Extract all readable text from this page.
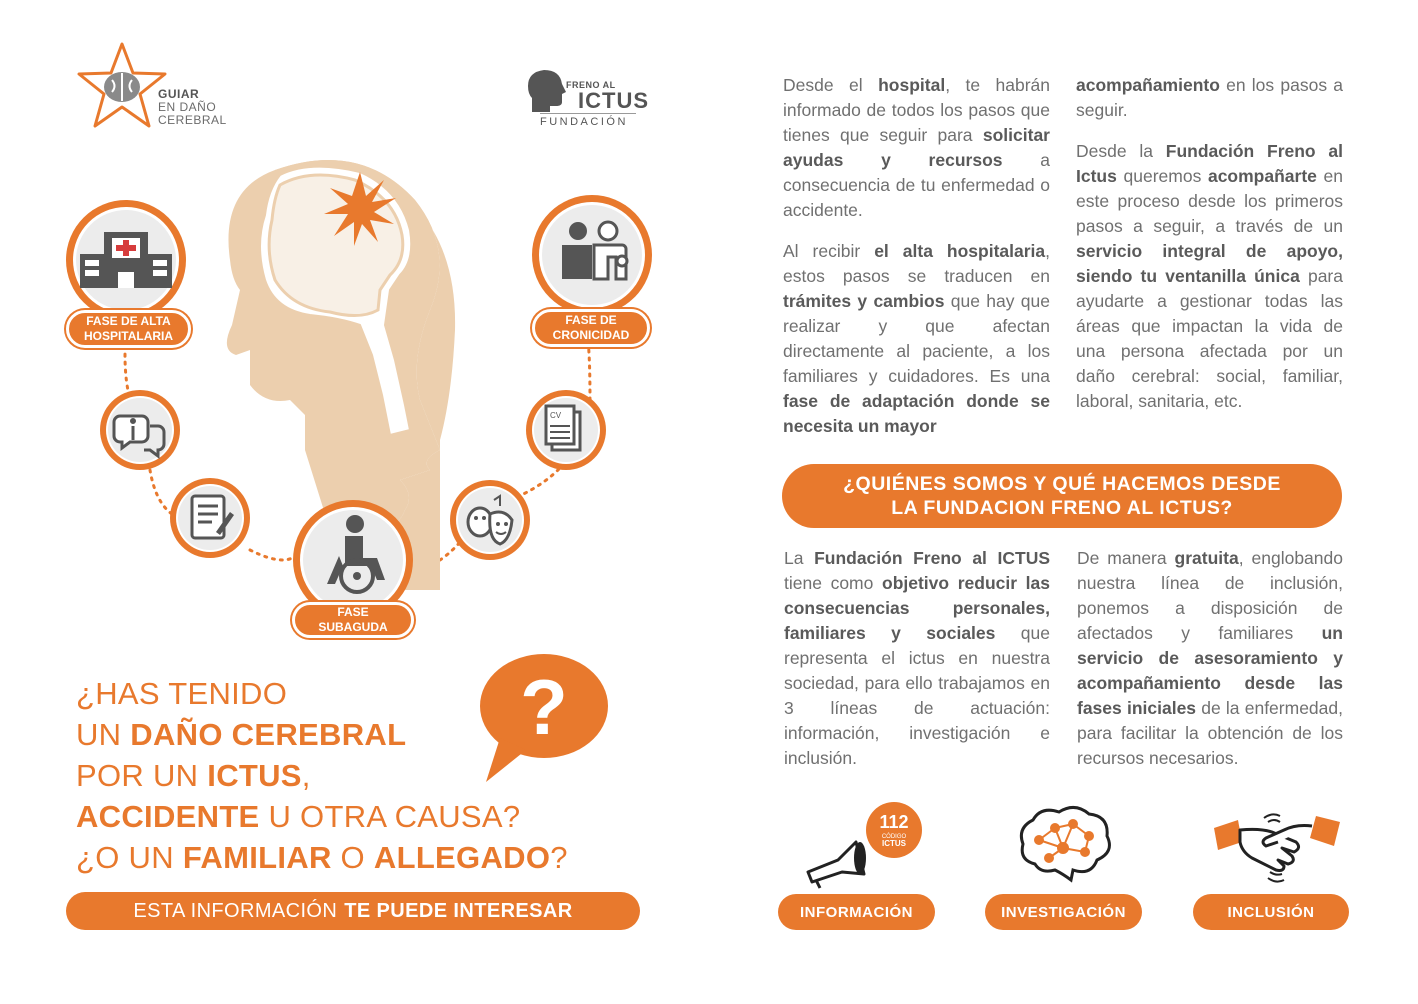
GUIAR
EN DAÑO
CEREBRAL
FRENO AL
ICTUS
FUNDACIÓN
CV
FASE DE ALTA
HOSPITALARIA
FASE DE
CRONICIDAD
FASE
SUBAGUDA
?
¿HAS TENIDO
UN DAÑO CEREBRAL
POR UN ICTUS,
ACCIDENTE U OTRA CAUSA?
¿O UN FAMILIAR O ALLEGADO?
ESTA INFORMACIÓN TE PUEDE INTERESAR

Desde el hospital, te habrán informado de todos los pasos que tienes que seguir para solicitar ayudas y recursos a consecuencia de tu enfermedad o accidente.

Al recibir el alta hospitalaria, estos pasos se traducen en trámites y cambios que hay que realizar y que afectan directamente al paciente, a los familiares y cuidadores. Es una fase de adaptación donde se necesita un mayor

acompañamiento en los pasos a seguir.

Desde la Fundación Freno al Ictus queremos acompañarte en este proceso desde los primeros pasos a seguir, a través de un servicio integral de apoyo, siendo tu ventanilla única para ayudarte a gestionar todas las áreas que impactan la vida de una persona afectada por un daño cerebral: social, familiar, laboral, sanitaria, etc.

¿QUIÉNES SOMOS Y QUÉ HACEMOS DESDE
LA FUNDACION FRENO AL ICTUS?

La Fundación Freno al ICTUS tiene como objetivo reducir las consecuencias personales, familiares y sociales que representa el ictus en nuestra sociedad, para ello trabajamos en 3 líneas de actuación: información, investigación e inclusión.

De manera gratuita, englobando nuestra línea de inclusión, ponemos a disposición de afectados y familiares un servicio de asesoramiento y acompañamiento desde las fases iniciales de la enfermedad, para facilitar la obtención de los recursos necesarios.

112
CÓDIGO
ICTUS
INFORMACIÓN	INVESTIGACIÓN	INCLUSIÓN
